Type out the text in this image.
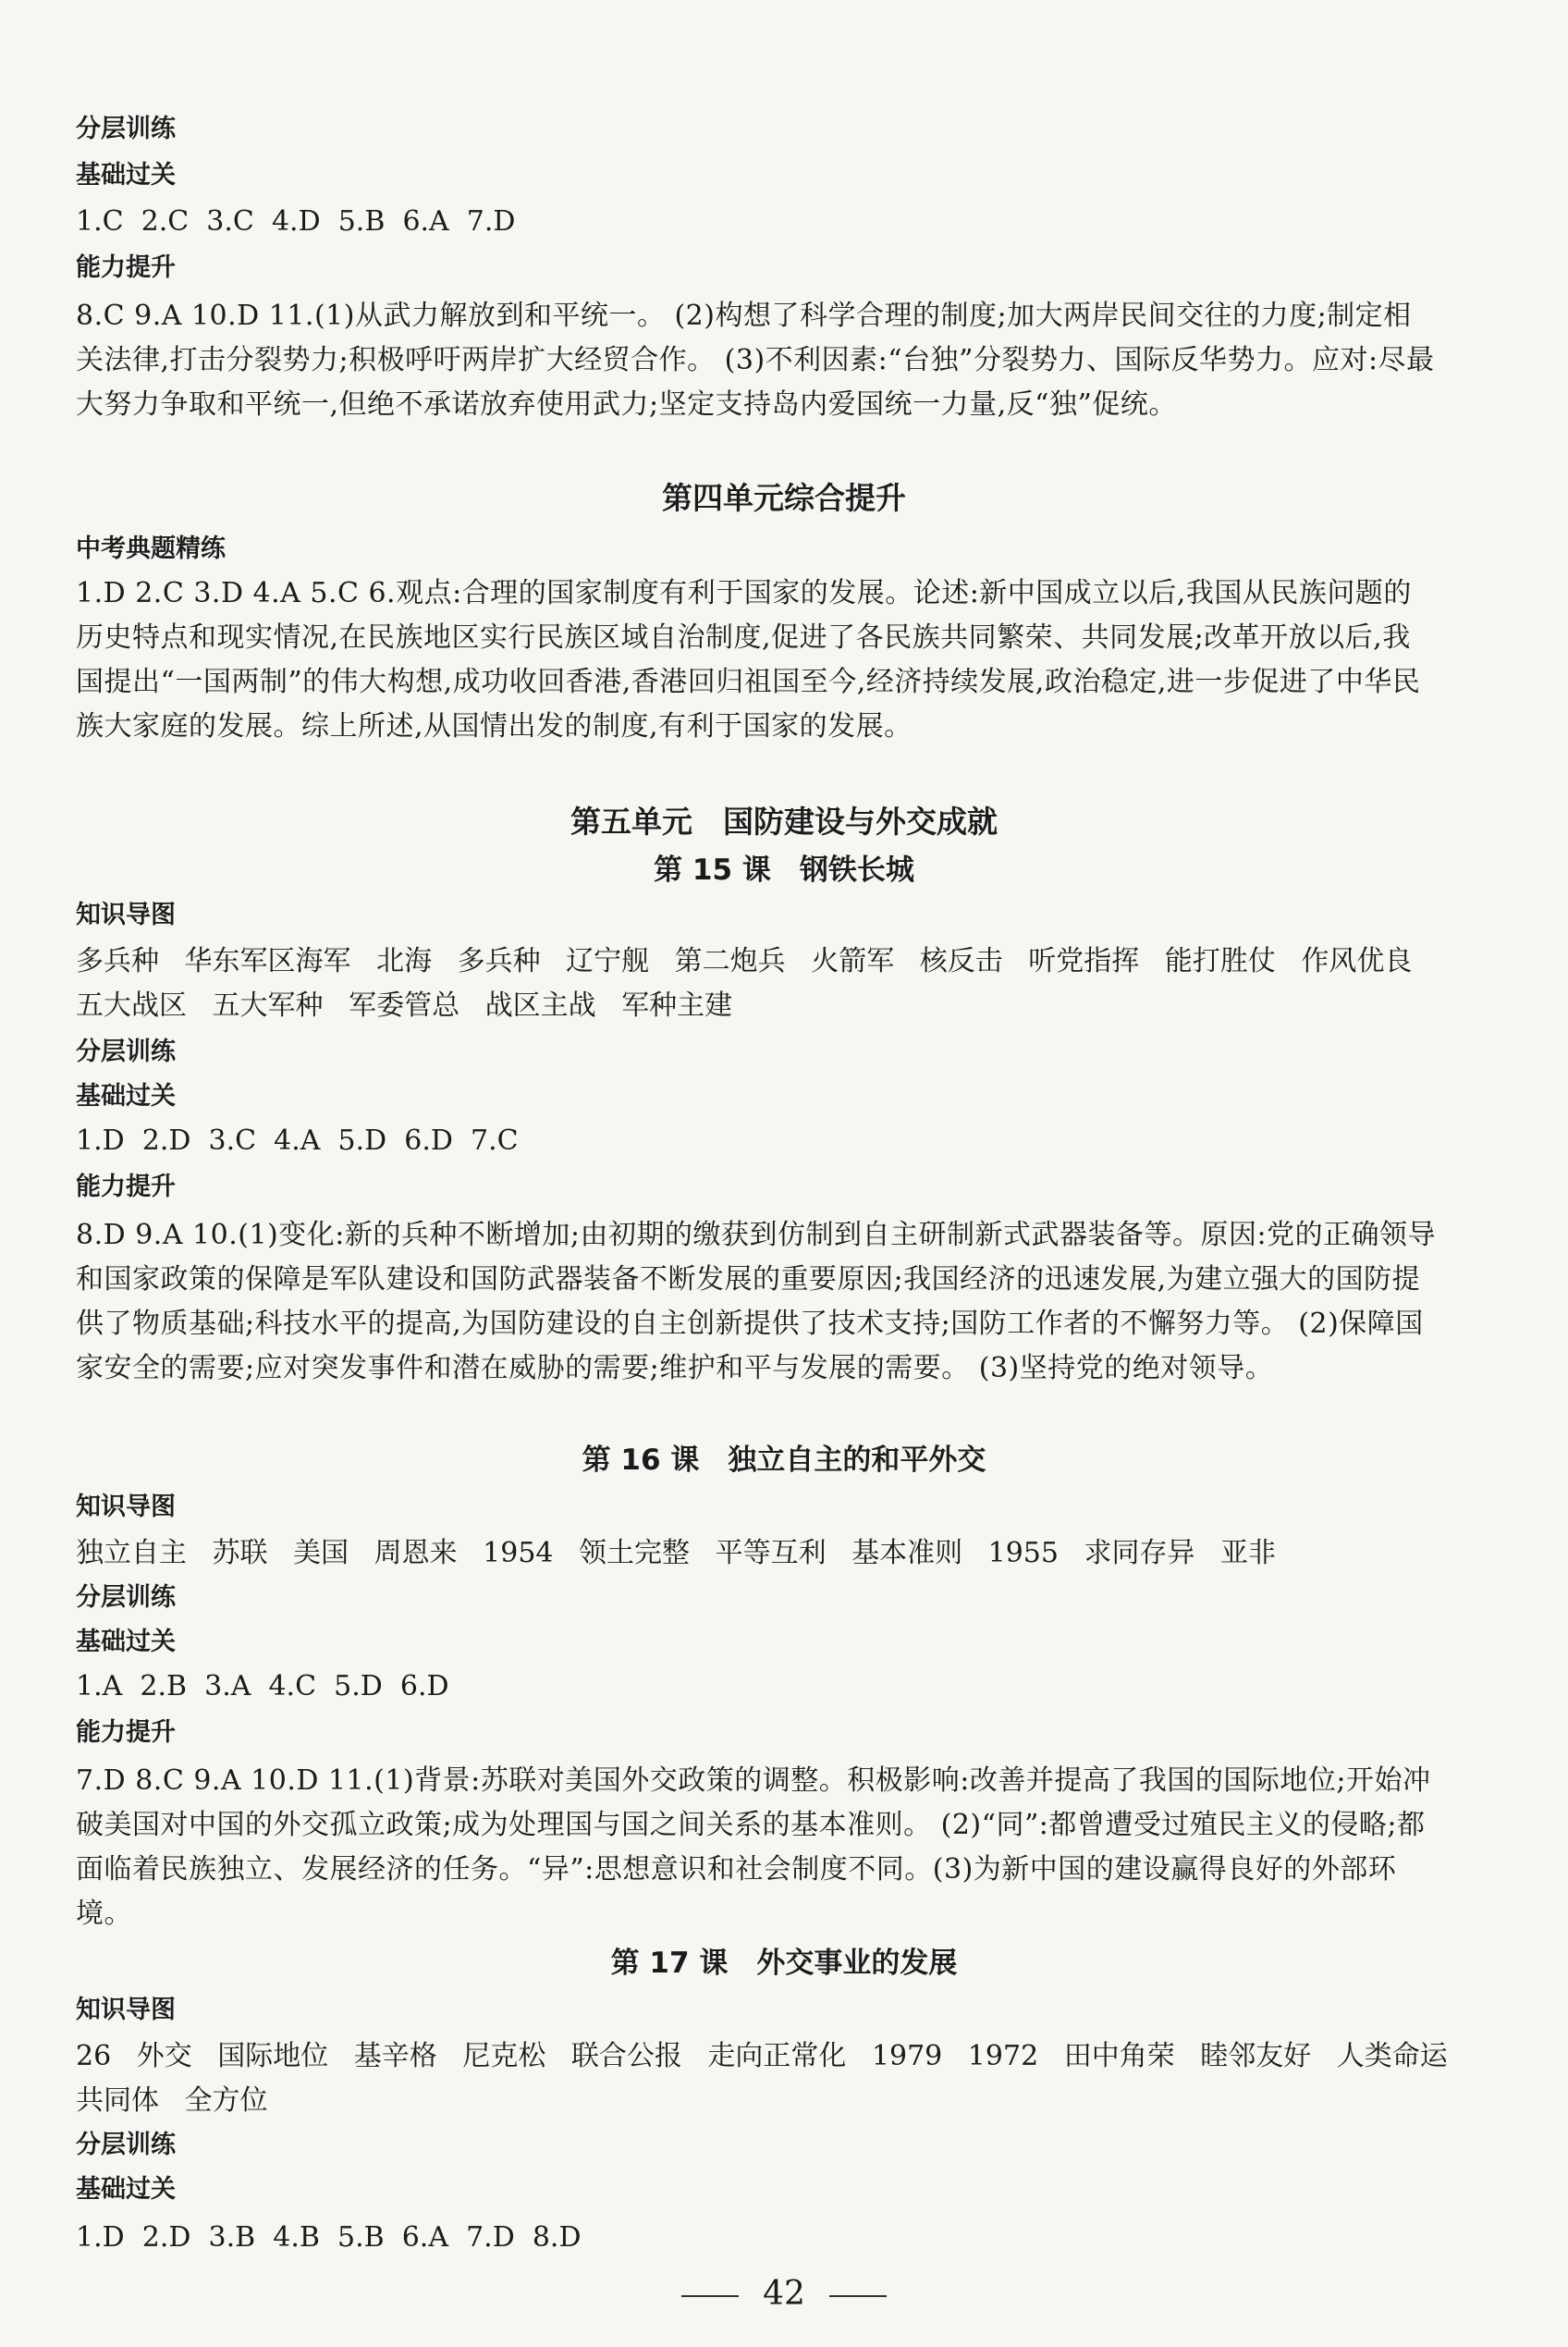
分层训练
基础过关
1.C  2.C  3.C  4.D  5.B  6.A  7.D
能力提升
8.C 9.A 10.D 11.(1)从武力解放到和平统一。 (2)构想了科学合理的制度;加大两岸民间交往的力度;制定相关法律,打击分裂势力;积极呼吁两岸扩大经贸合作。 (3)不利因素:“台独”分裂势力、国际反华势力。应对:尽最大努力争取和平统一,但绝不承诺放弃使用武力;坚定支持岛内爱国统一力量,反“独”促统。
第四单元综合提升
中考典题精练
1.D 2.C 3.D 4.A 5.C 6.观点:合理的国家制度有利于国家的发展。论述:新中国成立以后,我国从民族问题的历史特点和现实情况,在民族地区实行民族区域自治制度,促进了各民族共同繁荣、共同发展;改革开放以后,我国提出“一国两制”的伟大构想,成功收回香港,香港回归祖国至今,经济持续发展,政治稳定,进一步促进了中华民族大家庭的发展。综上所述,从国情出发的制度,有利于国家的发展。
第五单元　国防建设与外交成就
第 15 课　钢铁长城
知识导图
多兵种 华东军区海军 北海 多兵种 辽宁舰 第二炮兵 火箭军 核反击 听党指挥 能打胜仗 作风优良 五大战区 五大军种 军委管总 战区主战 军种主建
分层训练
基础过关
1.D  2.D  3.C  4.A  5.D  6.D  7.C
能力提升
8.D 9.A 10.(1)变化:新的兵种不断增加;由初期的缴获到仿制到自主研制新式武器装备等。原因:党的正确领导和国家政策的保障是军队建设和国防武器装备不断发展的重要原因;我国经济的迅速发展,为建立强大的国防提供了物质基础;科技水平的提高,为国防建设的自主创新提供了技术支持;国防工作者的不懈努力等。 (2)保障国家安全的需要;应对突发事件和潜在威胁的需要;维护和平与发展的需要。 (3)坚持党的绝对领导。
第 16 课　独立自主的和平外交
知识导图
独立自主 苏联 美国 周恩来 1954 领土完整 平等互利 基本准则 1955 求同存异 亚非
分层训练
基础过关
1.A  2.B  3.A  4.C  5.D  6.D
能力提升
7.D 8.C 9.A 10.D 11.(1)背景:苏联对美国外交政策的调整。积极影响:改善并提高了我国的国际地位;开始冲破美国对中国的外交孤立政策;成为处理国与国之间关系的基本准则。 (2)“同”:都曾遭受过殖民主义的侵略;都面临着民族独立、发展经济的任务。“异”:思想意识和社会制度不同。(3)为新中国的建设赢得良好的外部环境。
第 17 课　外交事业的发展
知识导图
26 外交 国际地位 基辛格 尼克松 联合公报 走向正常化 1979 1972 田中角荣 睦邻友好 人类命运共同体 全方位
分层训练
基础过关
1.D  2.D  3.B  4.B  5.B  6.A  7.D  8.D
42
